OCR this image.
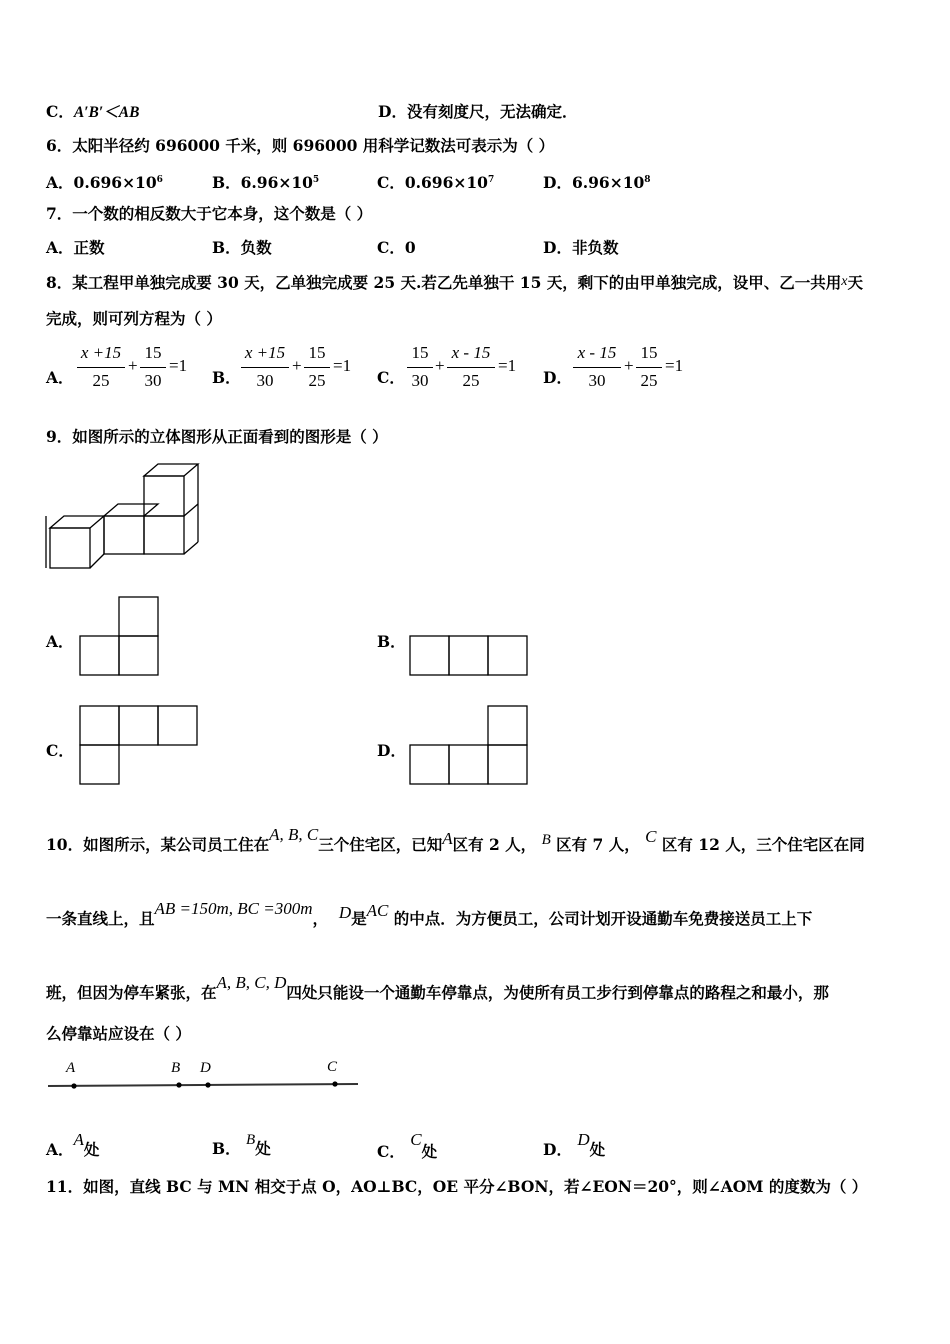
C．A′B′＜AB	D．没有刻度尺，无法确定．
6．太阳半径约 696000 千米，则 696000 用科学记数法可表示为（ ）
A．$0.696\times 10^6$	B．$6.96\times 10^5$	C．$0.696\times 10^7$	D．$6.96\times 10^8$
7．一个数的相反数大于它本身，这个数是（ ）
A．正数	B．负数	C．0	D．非负数
8．某工程甲单独完成要 30 天，乙单独完成要 25 天.若乙先单独干 15 天，剩下的由甲单独完成，设甲、乙一共用x天
完成，则可列方程为（ ）
A．
x +15
25
+
15
30
=1
B．
x +15
30
+
15
25
=1
C．
15
30
+
x - 15
25
=1
D．
x - 15
30
+
15
25
=1
9．如图所示的立体图形从正面看到的图形是（ ）
A．	B．
C．	D．
10．如图所示，某公司员工住在A, B, C三个住宅区，已知A区有 2 人， B 区有 7 人， C 区有 12 人，三个住宅区在同
一条直线上，且AB =150m, BC =300m， D是AC 的中点．为方便员工，公司计划开设通勤车免费接送员工上下
班，但因为停车紧张，在A, B, C, D四处只能设一个通勤车停靠点，为使所有员工步行到停靠点的路程之和最小，那
么停靠站应设在（ ）
A	B D	C
A．A处	B． B处	C． C处	D． D处
11．如图，直线 BC 与 MN 相交于点 O，AO⊥BC，OE 平分∠BON，若∠EON＝20°，则∠AOM 的度数为（ ）
